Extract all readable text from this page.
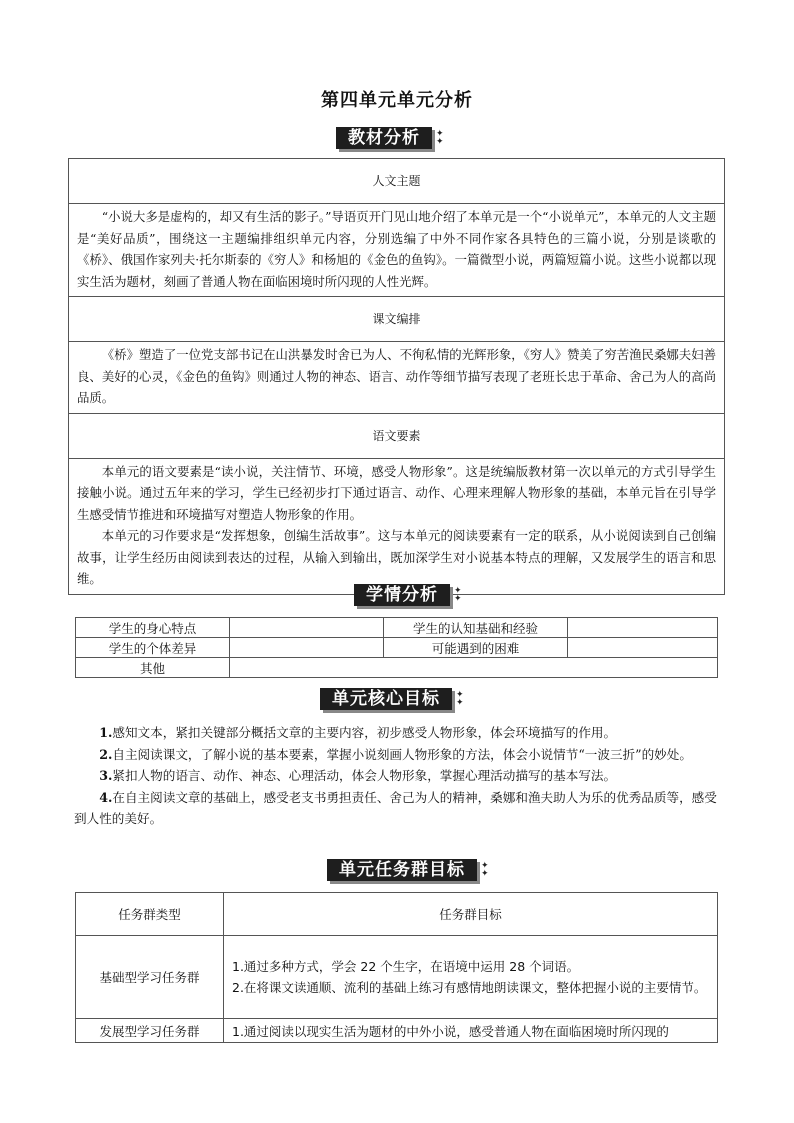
第四单元单元分析
教材分析	✦
✦
人文主题
“小说大多是虚构的，却又有生活的影子。”导语页开门见山地介绍了本单元是一个“小说单元”，本单元的人文主题是“美好品质”，围绕这一主题编排组织单元内容，分别选编了中外不同作家各具特色的三篇小说，分别是谈歌的《桥》、俄国作家列夫·托尔斯泰的《穷人》和杨旭的《金色的鱼钩》。一篇微型小说，两篇短篇小说。这些小说都以现实生活为题材，刻画了普通人物在面临困境时所闪现的人性光辉。
课文编排
《桥》塑造了一位党支部书记在山洪暴发时舍已为人、不徇私情的光辉形象，《穷人》赞美了穷苦渔民桑娜夫妇善良、美好的心灵，《金色的鱼钩》则通过人物的神态、语言、动作等细节描写表现了老班长忠于革命、舍己为人的高尚品质。
语文要素

本单元的语文要素是“读小说，关注情节、环境，感受人物形象”。这是统编版教材第一次以单元的方式引导学生接触小说。通过五年来的学习，学生已经初步打下通过语言、动作、心理来理解人物形象的基础，本单元旨在引导学生感受情节推进和环境描写对塑造人物形象的作用。

本单元的习作要求是“发挥想象，创编生活故事”。这与本单元的阅读要素有一定的联系，从小说阅读到自己创编故事，让学生经历由阅读到表达的过程，从输入到输出，既加深学生对小说基本特点的理解，又发展学生的语言和思维。

学情分析	✦
✦
学生的身心特点		学生的认知基础和经验	
学生的个体差异		可能遇到的困难	
其他			
单元核心目标	✦
✦

1.感知文本，紧扣关键部分概括文章的主要内容，初步感受人物形象，体会环境描写的作用。

2.自主阅读课文，了解小说的基本要素，掌握小说刻画人物形象的方法，体会小说情节“一波三折”的妙处。

3.紧扣人物的语言、动作、神态、心理活动，体会人物形象，掌握心理活动描写的基本写法。

4.在自主阅读文章的基础上，感受老支书勇担责任、舍己为人的精神，桑娜和渔夫助人为乐的优秀品质等，感受到人性的美好。

单元任务群目标	✦
✦
任务群类型	任务群目标
基础型学习任务群	1.通过多种方式，学会 22 个生字，在语境中运用 28 个词语。
2.在将课文读通顺、流利的基础上练习有感情地朗读课文，整体把握小说的主要情节。

发展型学习任务群	1.通过阅读以现实生活为题材的中外小说，感受普通人物在面临困境时所闪现的
